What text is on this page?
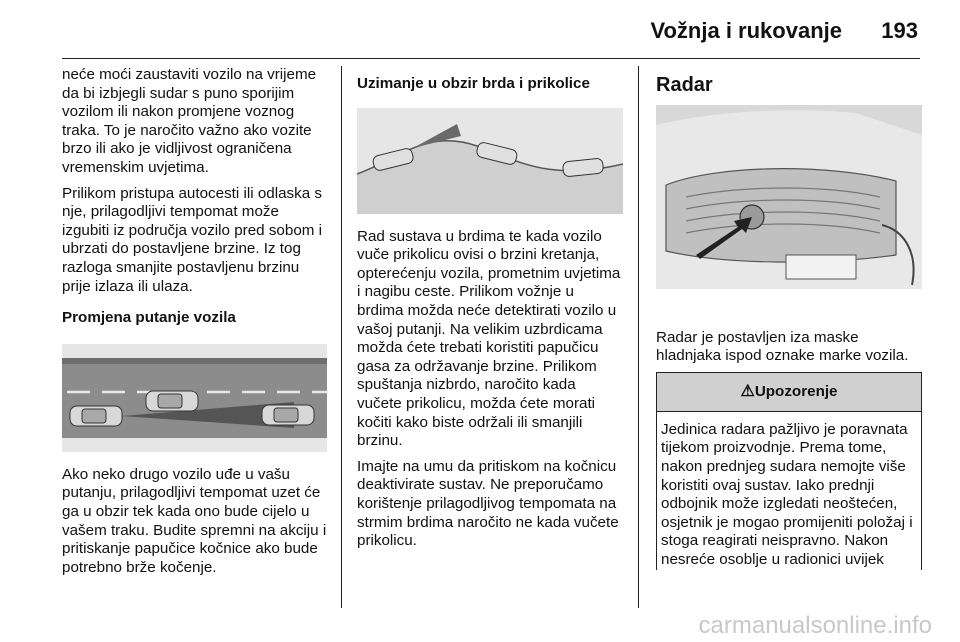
Vožnja i rukovanje 193

neće moći zaustaviti vozilo na vrijeme da bi izbjegli sudar s puno sporijim vozilom ili nakon promjene voznog traka. To je naročito važno ako vozite brzo ili ako je vidljivost ograničena vremenskim uvjetima.

Prilikom pristupa autocesti ili odlaska s nje, prilagodljivi tempomat može izgubiti iz područja vozilo pred sobom i ubrzati do postavljene brzine. Iz tog razloga smanjite postavljenu brzinu prije izlaza ili ulaza.

Promjena putanje vozila

Ako neko drugo vozilo uđe u vašu putanju, prilagodljivi tempomat uzet će ga u obzir tek kada ono bude cijelo u vašem traku. Budite spremni na akciju i pritiskanje papučice kočnice ako bude potrebno brže kočenje.

Uzimanje u obzir brda i prikolice

Rad sustava u brdima te kada vozilo vuče prikolicu ovisi o brzini kretanja, opterećenju vozila, prometnim uvjetima i nagibu ceste. Prilikom vožnje u brdima možda neće detektirati vozilo u vašoj putanji. Na velikim uzbrdicama možda ćete trebati koristiti papučicu gasa za održavanje brzine. Prilikom spuštanja nizbrdo, naročito kada vučete prikolicu, možda ćete morati kočiti kako biste održali ili smanjili brzinu.

Imajte na umu da pritiskom na kočnicu deaktivirate sustav. Ne preporučamo korištenje prilagodljivog tempomata na strmim brdima naročito ne kada vučete prikolicu.

Radar

Radar je postavljen iza maske hladnjaka ispod oznake marke vozila.

⚠Upozorenje
Jedinica radara pažljivo je poravnata tijekom proizvodnje. Prema tome, nakon prednjeg sudara nemojte više koristiti ovaj sustav. Iako prednji odbojnik može izgledati neoštećen, osjetnik je mogao promijeniti položaj i stoga reagirati neispravno. Nakon nesreće osoblje u radionici uvijek
carmanualsonline.info
